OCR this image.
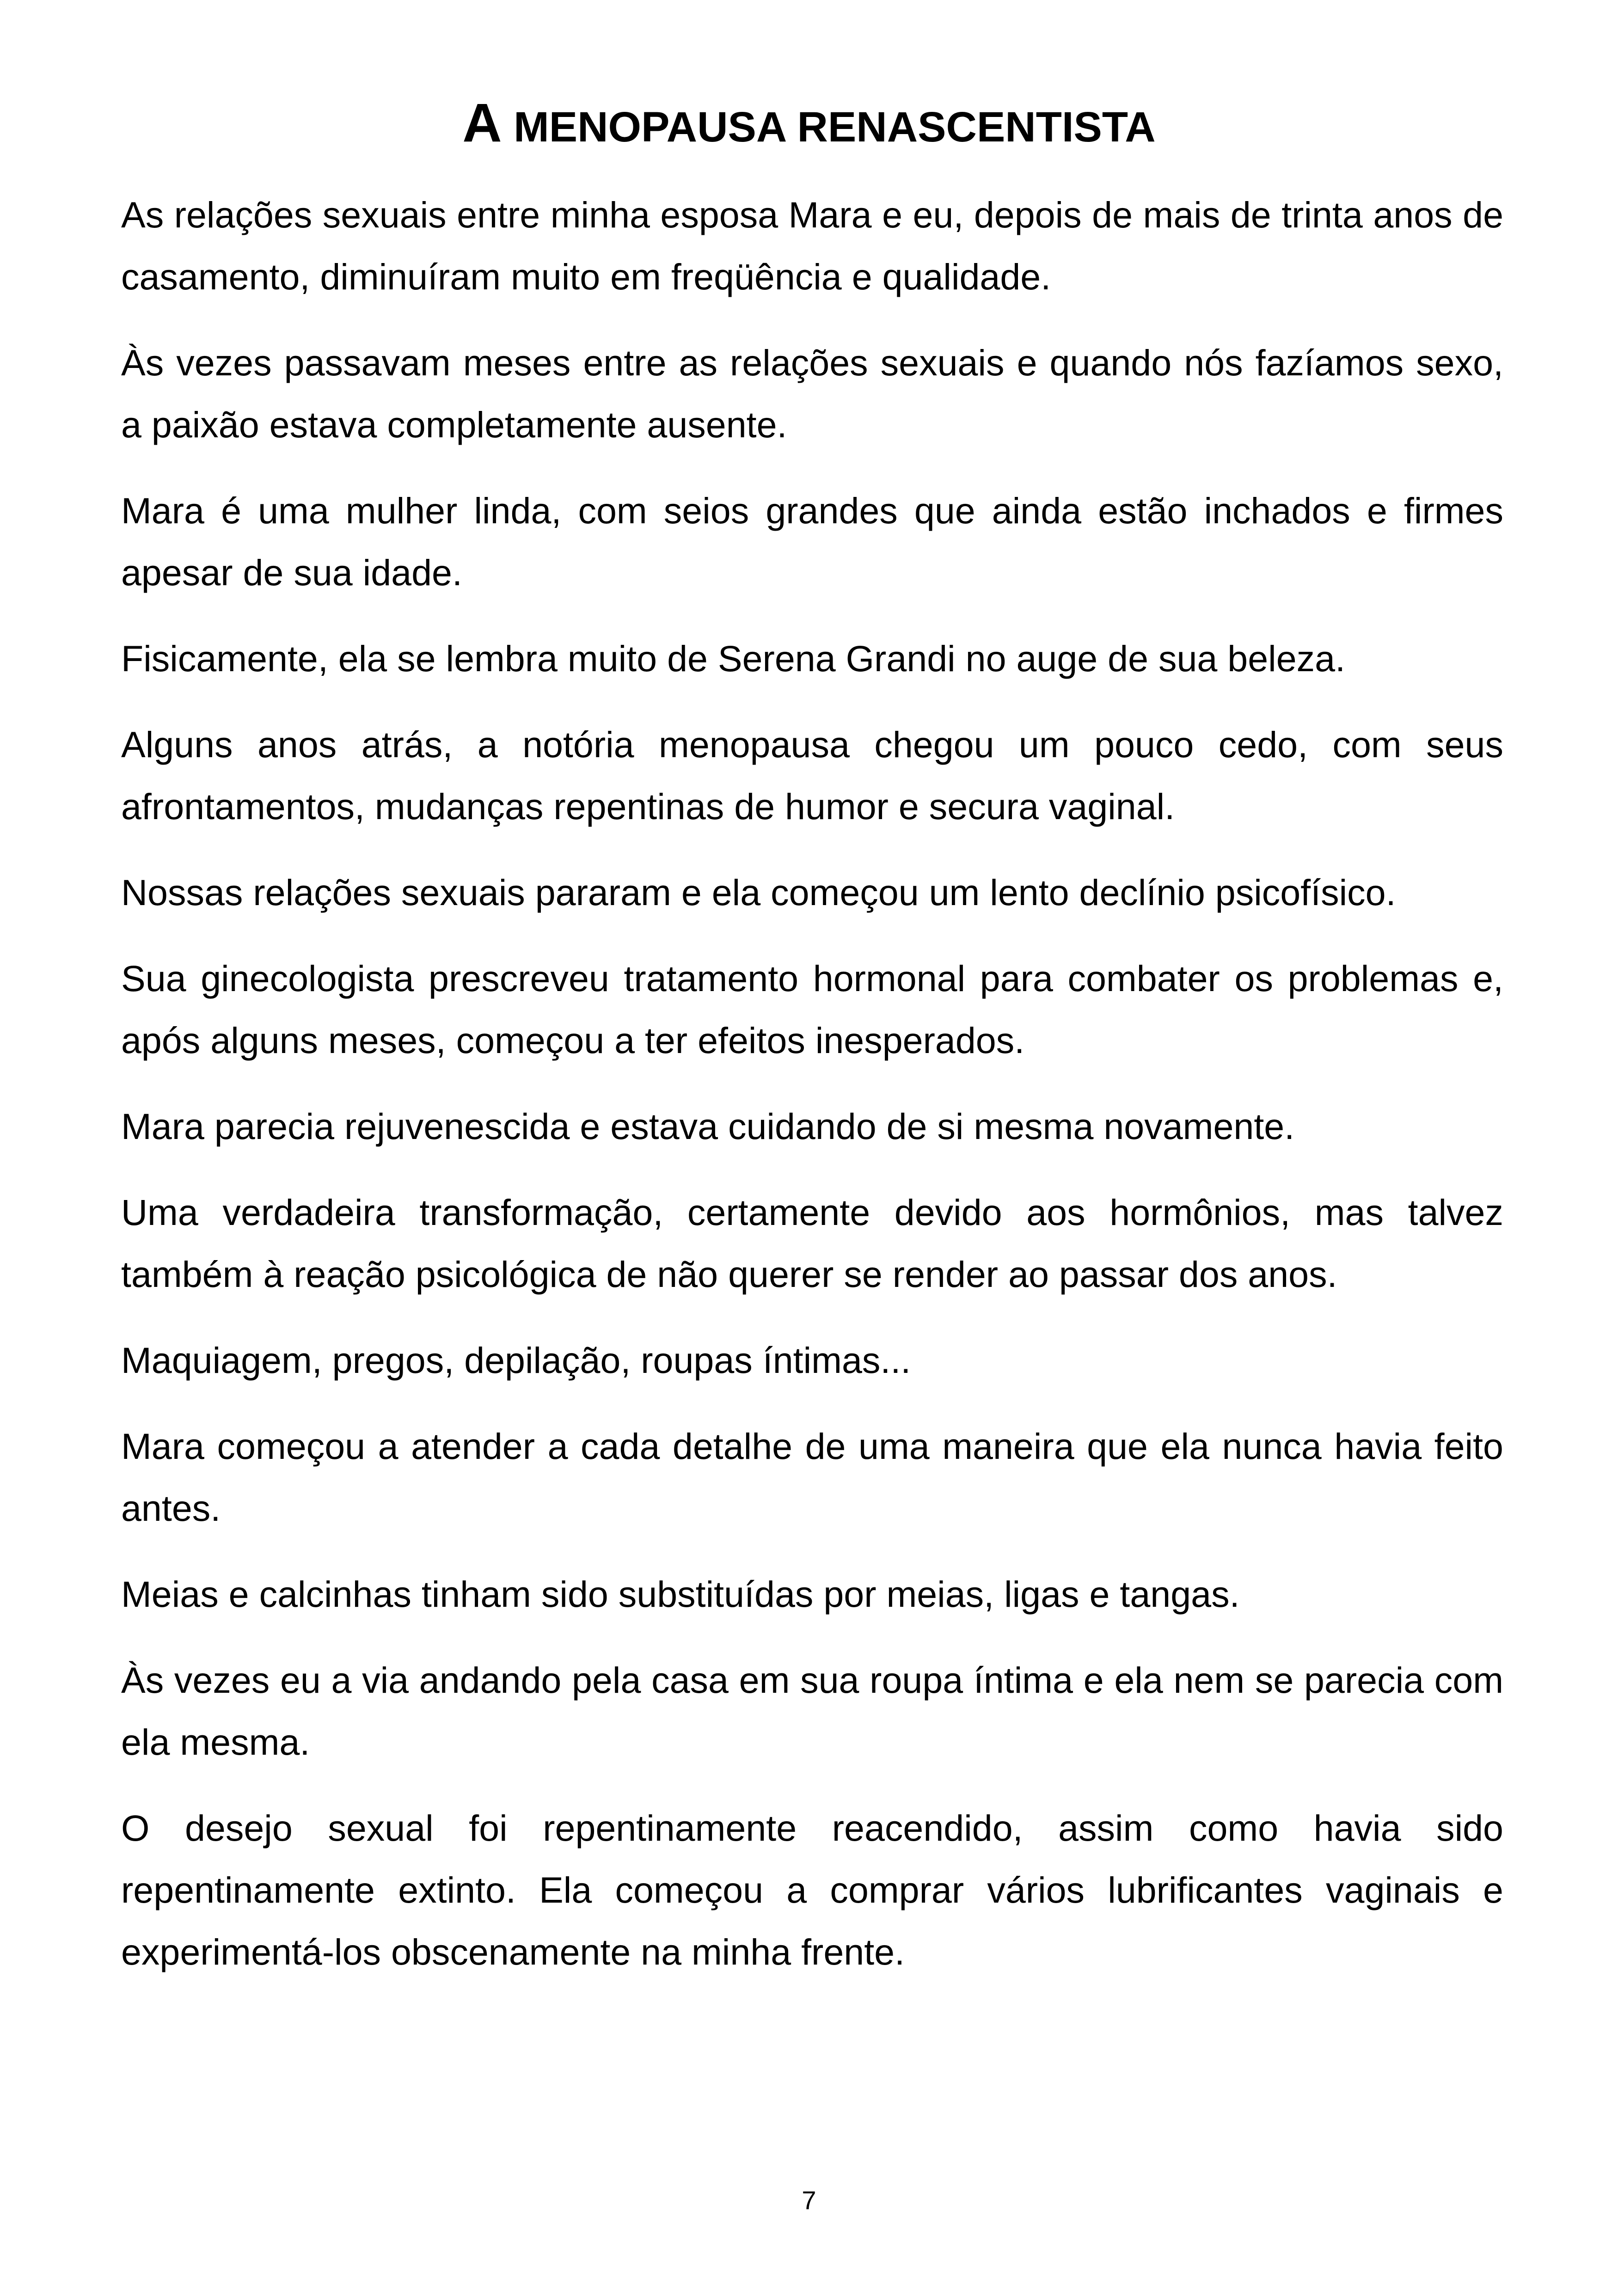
A MENOPAUSA RENASCENTISTA

As relações sexuais entre minha esposa Mara e eu, depois de mais de trinta anos de casamento, diminuíram muito em freqüência e qualidade.

Às vezes passavam meses entre as relações sexuais e quando nós fazíamos sexo, a paixão estava completamente ausente.

Mara é uma mulher linda, com seios grandes que ainda estão inchados e firmes apesar de sua idade.

Fisicamente, ela se lembra muito de Serena Grandi no auge de sua beleza.

Alguns anos atrás, a notória menopausa chegou um pouco cedo, com seus afrontamentos, mudanças repentinas de humor e secura vaginal.

Nossas relações sexuais pararam e ela começou um lento declínio psicofísico.

Sua ginecologista prescreveu tratamento hormonal para combater os problemas e, após alguns meses, começou a ter efeitos inesperados.

Mara parecia rejuvenescida e estava cuidando de si mesma novamente.

Uma verdadeira transformação, certamente devido aos hormônios, mas talvez também à reação psicológica de não querer se render ao passar dos anos.

Maquiagem, pregos, depilação, roupas íntimas...

Mara começou a atender a cada detalhe de uma maneira que ela nunca havia feito antes.

Meias e calcinhas tinham sido substituídas por meias, ligas e tangas.

Às vezes eu a via andando pela casa em sua roupa íntima e ela nem se parecia com ela mesma.

O desejo sexual foi repentinamente reacendido, assim como havia sido repentinamente extinto. Ela começou a comprar vários lubrificantes vaginais e experimentá-los obscenamente na minha frente.

7
